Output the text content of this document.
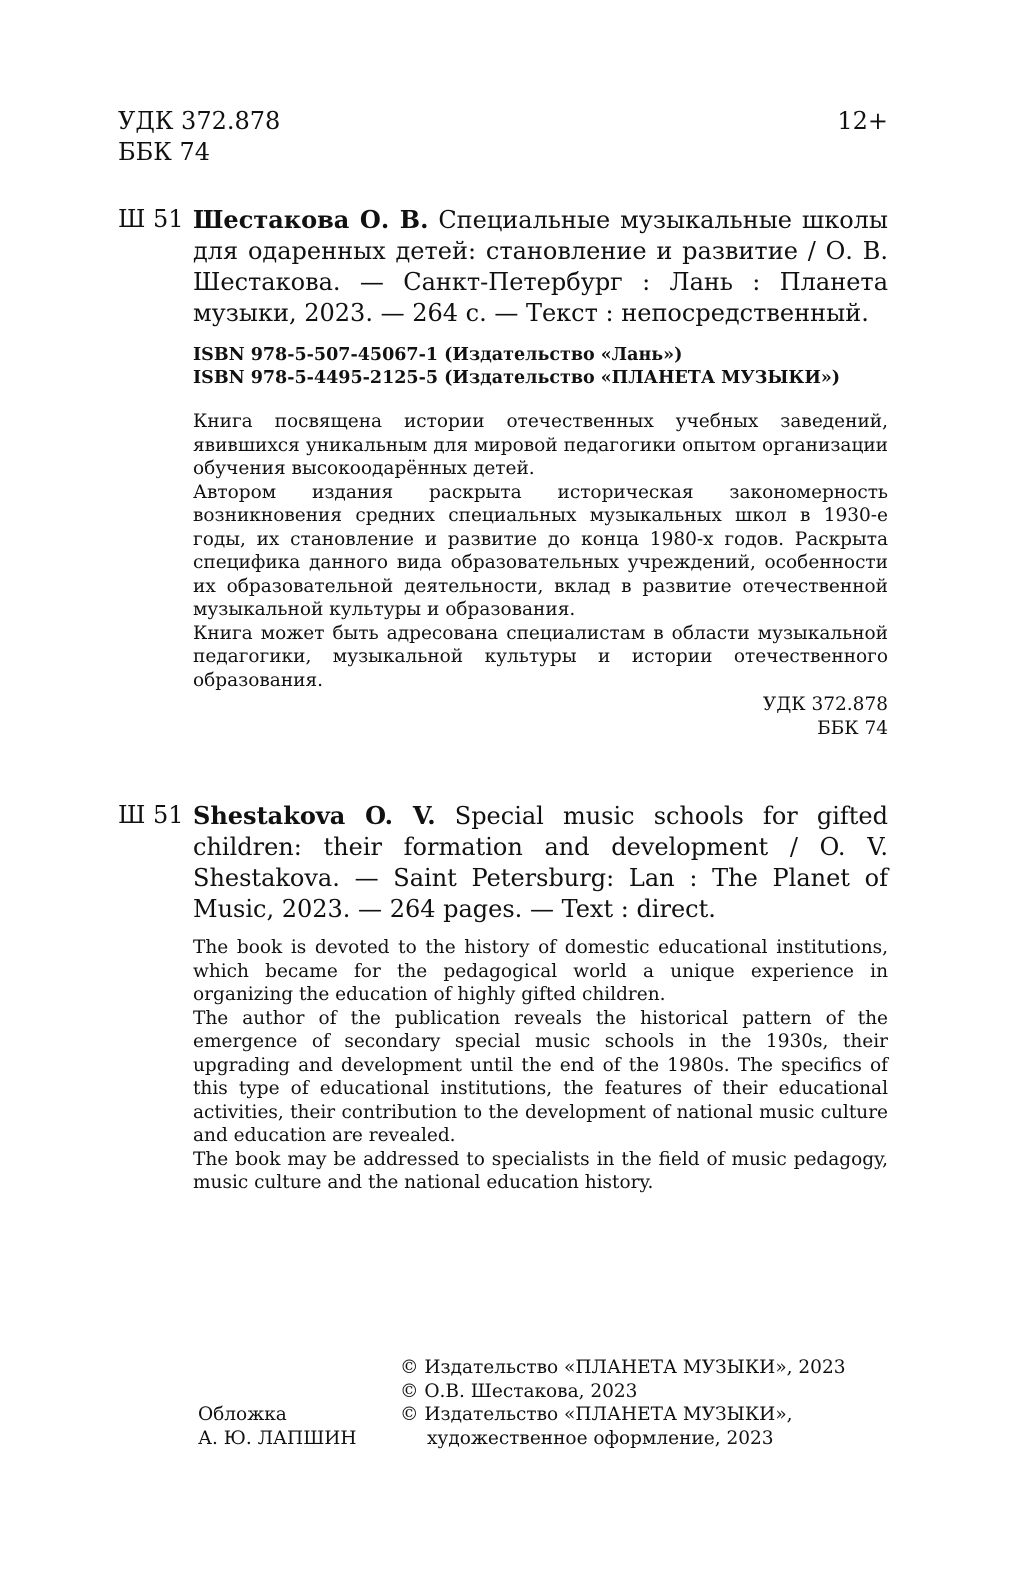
УДК 372.878
ББК 74
12+
Ш 51 Шестакова О. В. Специальные музыкальные школы для одаренных детей: становление и развитие / О. В. Шестакова. — Санкт-Петербург : Лань : Планета музыки, 2023. — 264 с. — Текст : непосредственный.
ISBN 978-5-507-45067-1 (Издательство «Лань»)
ISBN 978-5-4495-2125-5 (Издательство «ПЛАНЕТА МУЗЫКИ»)

Книга посвящена истории отечественных учебных заведений, явившихся уникальным для мировой педагогики опытом организации обучения высокоодарённых детей.

Автором издания раскрыта историческая закономерность возникновения средних специальных музыкальных школ в 1930-е годы, их становление и развитие до конца 1980-х годов. Раскрыта специфика данного вида образовательных учреждений, особенности их образовательной деятельности, вклад в развитие отечественной музыкальной культуры и образования.

Книга может быть адресована специалистам в области музыкальной педагогики, музыкальной культуры и истории отечественного образования.

УДК 372.878
ББК 74
Ш 51 Shestakova O. V. Special music schools for gifted children: their formation and development / O. V. Shestakova. — Saint Petersburg: Lan : The Planet of Music, 2023. — 264 pages. — Text : direct.

The book is devoted to the history of domestic educational institutions, which became for the pedagogical world a unique experience in organizing the education of highly gifted children.

The author of the publication reveals the historical pattern of the emergence of secondary special music schools in the 1930s, their upgrading and development until the end of the 1980s. The specifics of this type of educational institutions, the features of their educational activities, their contribution to the development of national music culture and education are revealed.

The book may be addressed to specialists in the field of music pedagogy, music culture and the national education history.

© Издательство «ПЛАНЕТА МУЗЫКИ», 2023
© О.В. Шестакова, 2023
© Издательство «ПЛАНЕТА МУЗЫКИ»,
художественное оформление, 2023
Обложка
А. Ю. ЛАПШИН
